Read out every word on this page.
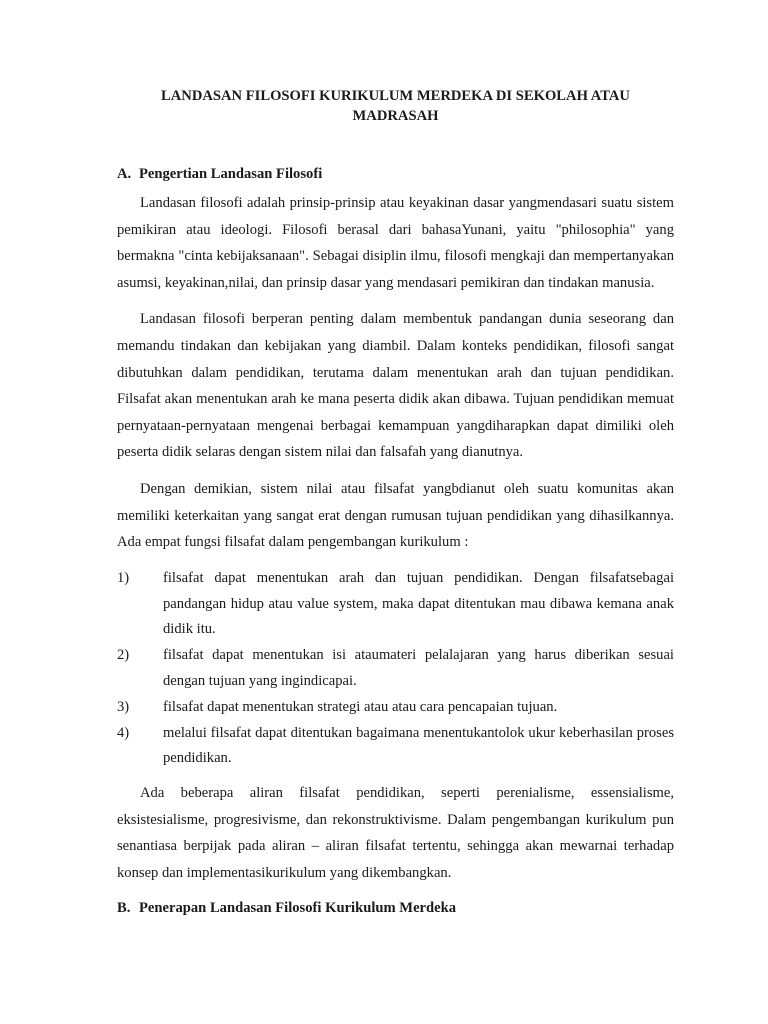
LANDASAN FILOSOFI KURIKULUM MERDEKA DI SEKOLAH ATAU MADRASAH
A. Pengertian Landasan Filosofi

Landasan filosofi adalah prinsip-prinsip atau keyakinan dasar yangmendasari suatu sistem pemikiran atau ideologi. Filosofi berasal dari bahasaYunani, yaitu "philosophia" yang bermakna "cinta kebijaksanaan". Sebagai disiplin ilmu, filosofi mengkaji dan mempertanyakan asumsi, keyakinan,nilai, dan prinsip dasar yang mendasari pemikiran dan tindakan manusia.

Landasan filosofi berperan penting dalam membentuk pandangan dunia seseorang dan memandu tindakan dan kebijakan yang diambil. Dalam konteks pendidikan, filosofi sangat dibutuhkan dalam pendidikan, terutama dalam menentukan arah dan tujuan pendidikan. Filsafat akan menentukan arah ke mana peserta didik akan dibawa. Tujuan pendidikan memuat pernyataan-pernyataan mengenai berbagai kemampuan yangdiharapkan dapat dimiliki oleh peserta didik selaras dengan sistem nilai dan falsafah yang dianutnya.

Dengan demikian, sistem nilai atau filsafat yangbdianut oleh suatu komunitas akan memiliki keterkaitan yang sangat erat dengan rumusan tujuan pendidikan yang dihasilkannya. Ada empat fungsi filsafat dalam pengembangan kurikulum :

1)	filsafat dapat menentukan arah dan tujuan pendidikan. Dengan filsafatsebagai pandangan hidup atau value system, maka dapat ditentukan mau dibawa kemana anak didik itu.
2)	filsafat dapat menentukan isi ataumateri pelalajaran yang harus diberikan sesuai dengan tujuan yang ingindicapai.
3)	filsafat dapat menentukan strategi atau atau cara pencapaian tujuan.
4)	melalui filsafat dapat ditentukan bagaimana menentukantolok ukur keberhasilan proses pendidikan.

Ada beberapa aliran filsafat pendidikan, seperti perenialisme, essensialisme, eksistesialisme, progresivisme, dan rekonstruktivisme. Dalam pengembangan kurikulum pun senantiasa berpijak pada aliran – aliran filsafat tertentu, sehingga akan mewarnai terhadap konsep dan implementasikurikulum yang dikembangkan.

B. Penerapan Landasan Filosofi Kurikulum Merdeka
